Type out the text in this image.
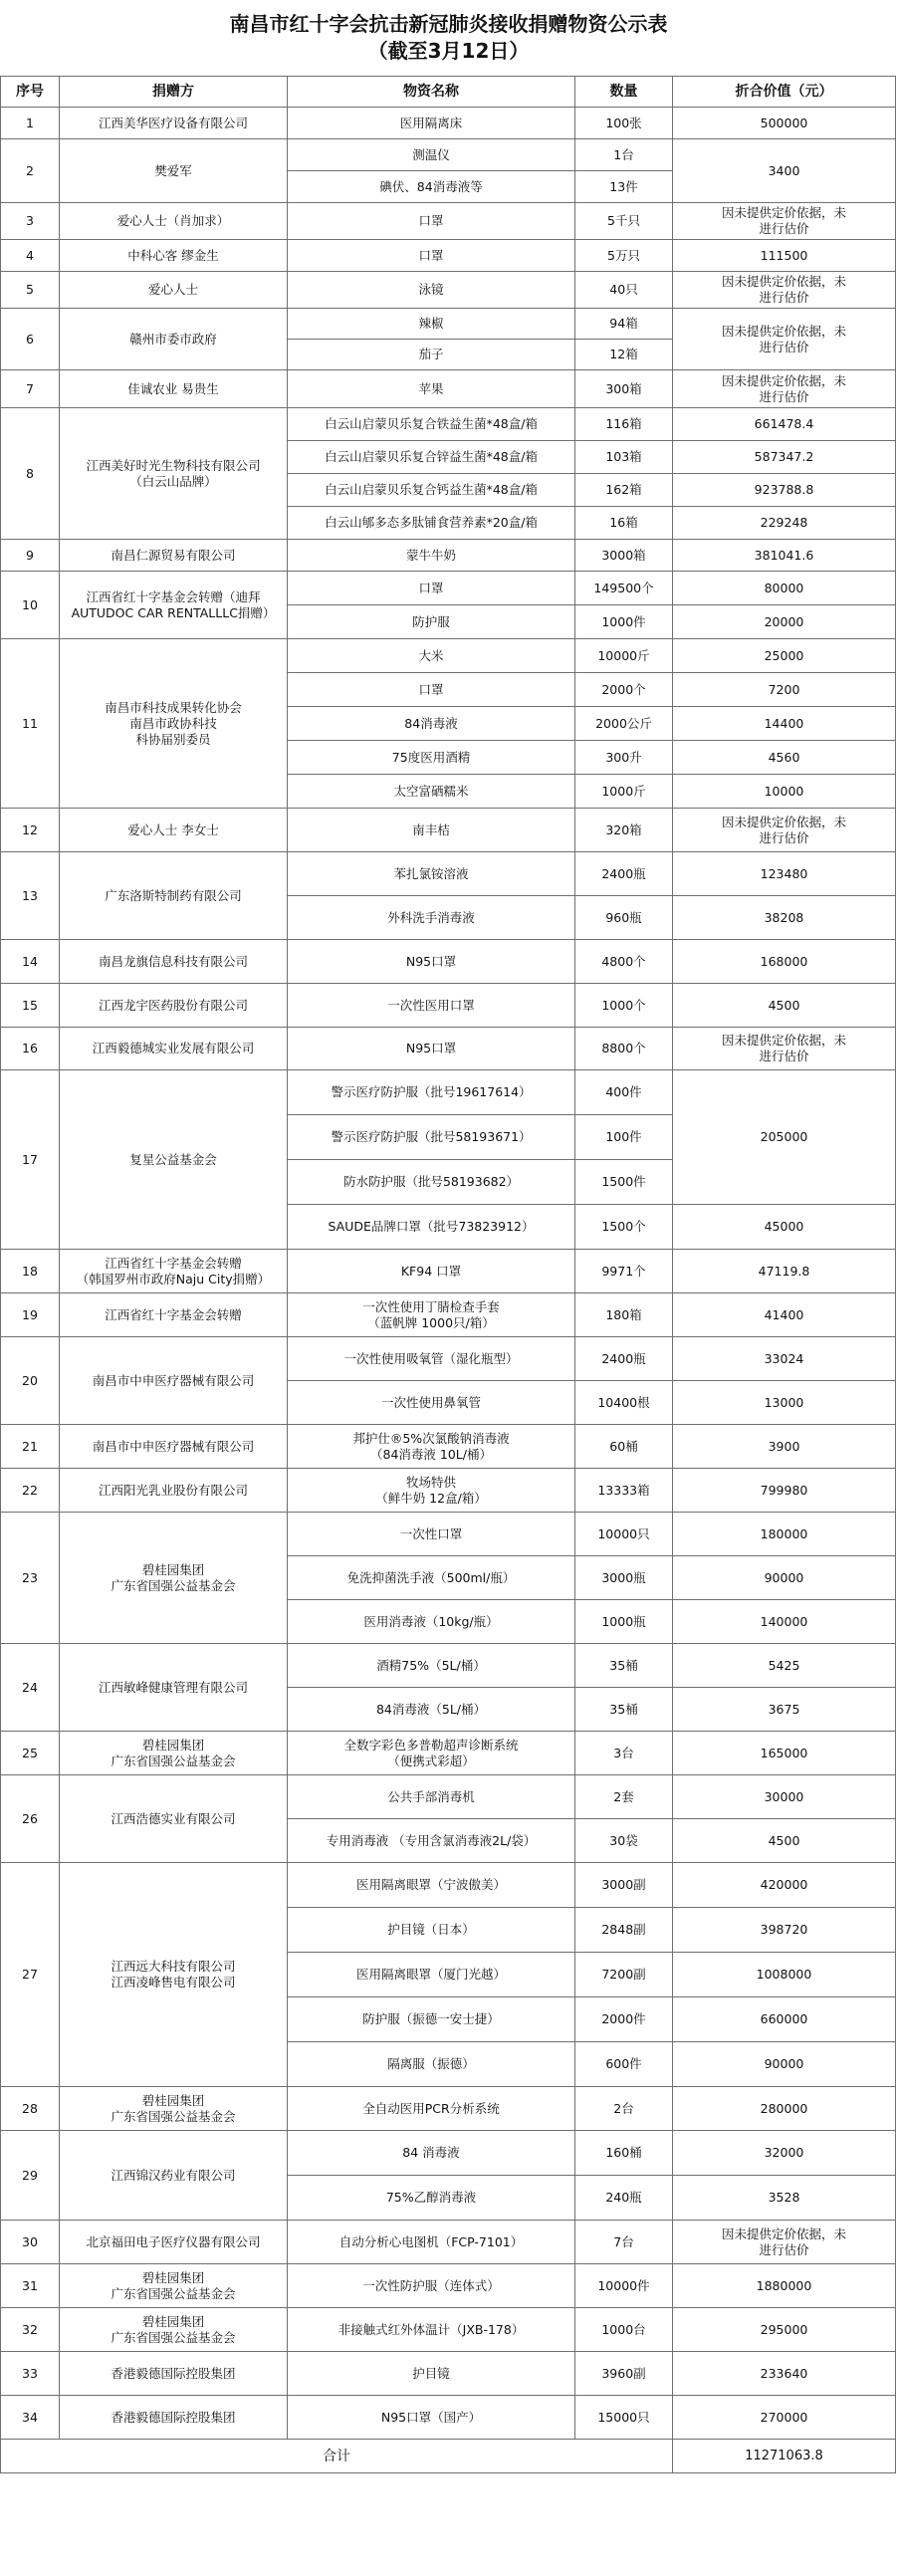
南昌市红十字会抗击新冠肺炎接收捐赠物资公示表
（截至3月12日）
序号	捐赠方	物资名称	数量	折合价值（元）
1	江西美华医疗设备有限公司	医用隔离床	100张	500000

2	樊爱军	测温仪	1台	3400

		碘伏、84消毒液等	13件	
3	爱心人士（肖加求）	口罩	5千只	因未提供定价依据，未
进行估价

4	中科心客 缪金生	口罩	5万只	111500

5	爱心人士	泳镜	40只	因未提供定价依据，未
进行估价

6	赣州市委市政府	辣椒	94箱	因未提供定价依据，未
进行估价

		茄子	12箱	
7	佳诚农业 易贵生	苹果	300箱	因未提供定价依据，未
进行估价

8	江西美好时光生物科技有限公司
（白云山品牌）	白云山启蒙贝乐复合铁益生菌*48盒/箱	116箱	661478.4

		白云山启蒙贝乐复合锌益生菌*48盒/箱	103箱	587347.2

		白云山启蒙贝乐复合钙益生菌*48盒/箱	162箱	923788.8

		白云山郇多态多肽铺食营养素*20盒/箱	16箱	229248

9	南昌仁源贸易有限公司	蒙牛牛奶	3000箱	381041.6

10	江西省红十字基金会转赠（迪拜
AUTUDOC CAR RENTALLLC捐赠）	口罩	149500个	80000

		防护服	1000件	20000

11	南昌市科技成果转化协会
南昌市政协科技
科协届别委员	大米	10000斤	25000

		口罩	2000个	7200

		84消毒液	2000公斤	14400

		75度医用酒精	300升	4560

		太空富硒糯米	1000斤	10000

12	爱心人士 李女士	南丰桔	320箱	因未提供定价依据，未
进行估价

13	广东洛斯特制药有限公司	苯扎氯铵溶液	2400瓶	123480

		外科洗手消毒液	960瓶	38208

14	南昌龙旗信息科技有限公司	N95口罩	4800个	168000

15	江西龙宇医药股份有限公司	一次性医用口罩	1000个	4500

16	江西毅德城实业发展有限公司	N95口罩	8800个	因未提供定价依据，未
进行估价

17	复星公益基金会	警示医疗防护服（批号19617614）	400件	205000

		警示医疗防护服（批号58193671）	100件	

		防水防护服（批号58193682）	1500件	

		SAUDE品牌口罩（批号73823912）	1500个	45000

18	江西省红十字基金会转赠
（韩国罗州市政府Naju City捐赠）	KF94 口罩	9971个	47119.8

19	江西省红十字基金会转赠	一次性使用丁腈检查手套
（蓝帆牌 1000只/箱）	180箱	41400

20	南昌市中申医疗器械有限公司	一次性使用吸氧管（湿化瓶型）	2400瓶	33024

		一次性使用鼻氧管	10400根	13000

21	南昌市中申医疗器械有限公司	邦护仕®5%次氯酸钠消毒液
（84消毒液 10L/桶）	60桶	3900

22	江西阳光乳业股份有限公司	牧场特供
（鲜牛奶 12盒/箱）	13333箱	799980

23	碧桂园集团
广东省国强公益基金会	一次性口罩	10000只	180000

		免洗抑菌洗手液（500ml/瓶）	3000瓶	90000

		医用消毒液（10kg/瓶）	1000瓶	140000

24	江西敏峰健康管理有限公司	酒精75%（5L/桶）	35桶	5425

		84消毒液（5L/桶）	35桶	3675

25	碧桂园集团
广东省国强公益基金会	全数字彩色多普勒超声诊断系统
（便携式彩超）	3台	165000

26	江西浩德实业有限公司	公共手部消毒机	2套	30000

		专用消毒液 （专用含氯消毒液2L/袋）	30袋	4500

27	江西远大科技有限公司
江西凌峰售电有限公司	医用隔离眼罩（宁波傲美）	3000副	420000

		护目镜（日本）	2848副	398720

		医用隔离眼罩（厦门光越）	7200副	1008000

		防护服（振德一安士捷）	2000件	660000

		隔离服（振德）	600件	90000

28	碧桂园集团
广东省国强公益基金会	全自动医用PCR分析系统	2台	280000

29	江西锦汉药业有限公司	84 消毒液	160桶	32000

		75%乙醇消毒液	240瓶	3528

30	北京福田电子医疗仪器有限公司	自动分析心电图机（FCP-7101）	7台	因未提供定价依据，未
进行估价

31	碧桂园集团
广东省国强公益基金会	一次性防护服（连体式）	10000件	1880000

32	碧桂园集团
广东省国强公益基金会	非接触式红外体温计（JXB-178）	1000台	295000

33	香港毅德国际控股集团	护目镜	3960副	233640

34	香港毅德国际控股集团	N95口罩（国产）	15000只	270000

合计				11271063.8
